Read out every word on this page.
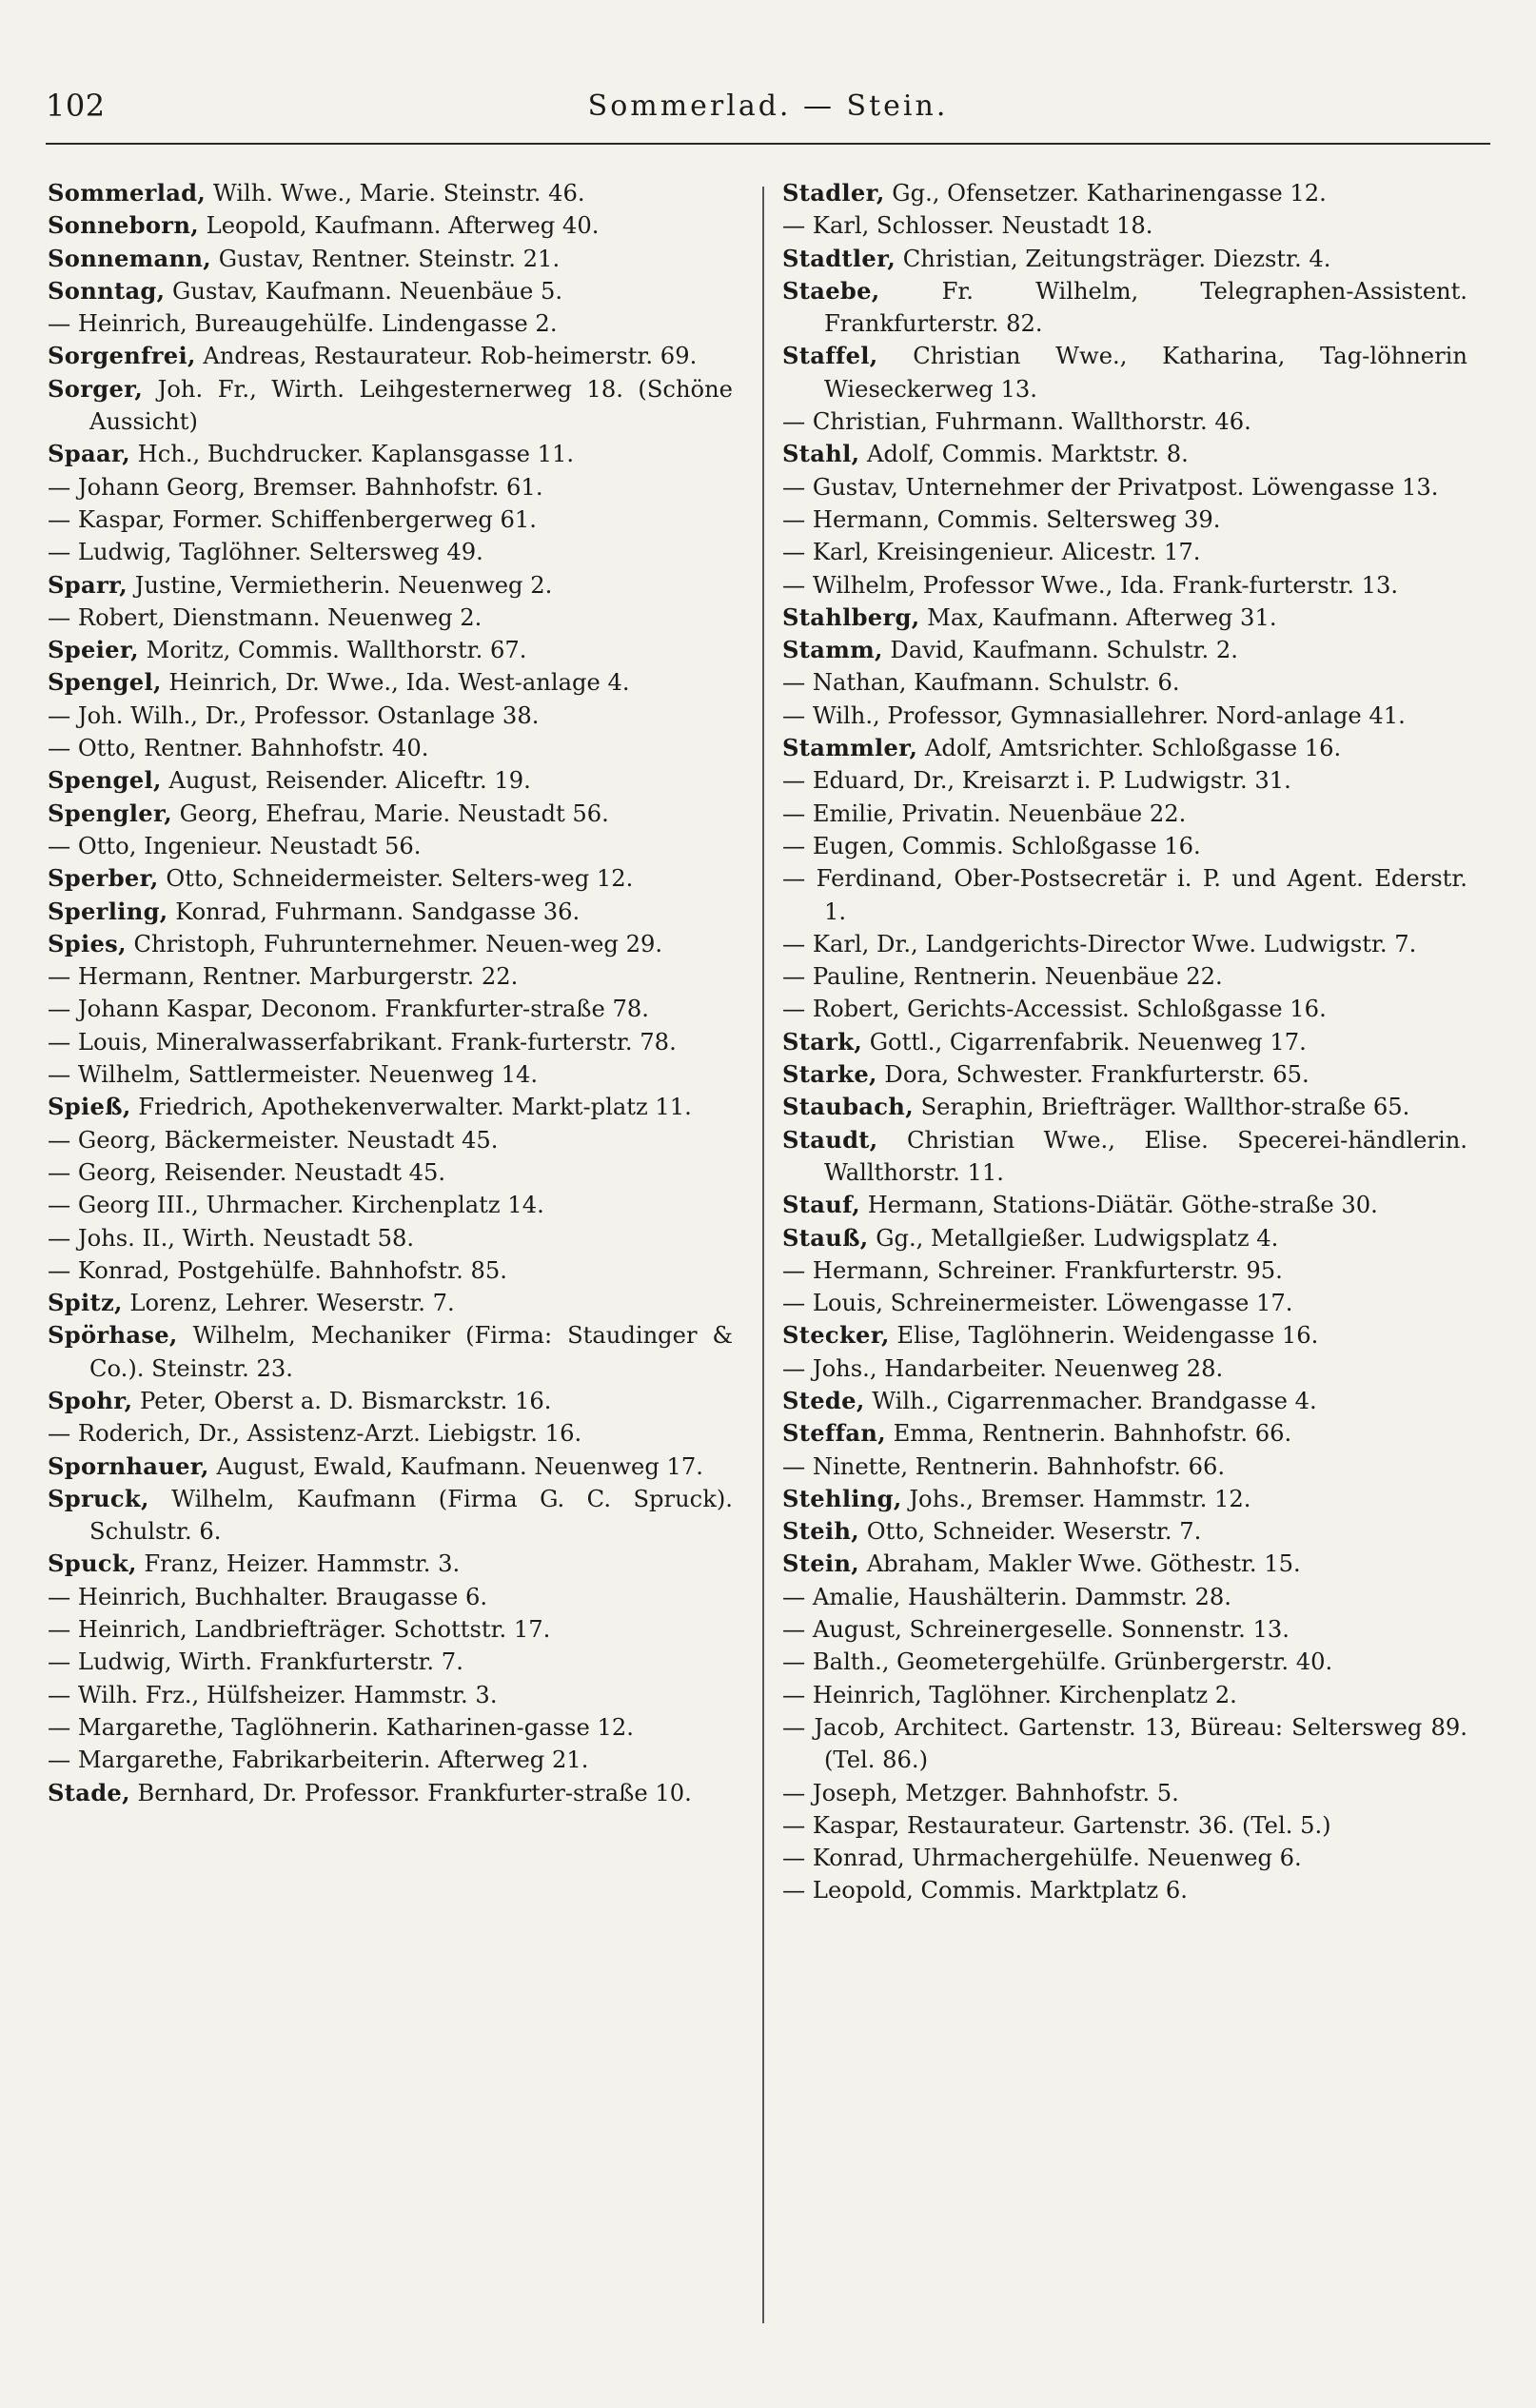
102	Sommerlad. — Stein.

Sommerlad, Wilh. Wwe., Marie. Steinstr. 46.

Sonneborn, Leopold, Kaufmann. Afterweg 40.

Sonnemann, Gustav, Rentner. Steinstr. 21.

Sonntag, Gustav, Kaufmann. Neuenbäue 5.

— Heinrich, Bureaugehülfe. Lindengasse 2.

Sorgenfrei, Andreas, Restaurateur. Rob-heimerstr. 69.

Sorger, Joh. Fr., Wirth. Leihgesternerweg 18. (Schöne Aussicht)

Spaar, Hch., Buchdrucker. Kaplansgasse 11.

— Johann Georg, Bremser. Bahnhofstr. 61.

— Kaspar, Former. Schiffenbergerweg 61.

— Ludwig, Taglöhner. Seltersweg 49.

Sparr, Justine, Vermietherin. Neuenweg 2.

— Robert, Dienstmann. Neuenweg 2.

Speier, Moritz, Commis. Wallthorstr. 67.

Spengel, Heinrich, Dr. Wwe., Ida. West-anlage 4.

— Joh. Wilh., Dr., Professor. Ostanlage 38.

— Otto, Rentner. Bahnhofstr. 40.

Spengel, August, Reisender. Aliceftr. 19.

Spengler, Georg, Ehefrau, Marie. Neustadt 56.

— Otto, Ingenieur. Neustadt 56.

Sperber, Otto, Schneidermeister. Selters-weg 12.

Sperling, Konrad, Fuhrmann. Sandgasse 36.

Spies, Christoph, Fuhrunternehmer. Neuen-weg 29.

— Hermann, Rentner. Marburgerstr. 22.

— Johann Kaspar, Deconom. Frankfurter-straße 78.

— Louis, Mineralwasserfabrikant. Frank-furterstr. 78.

— Wilhelm, Sattlermeister. Neuenweg 14.

Spieß, Friedrich, Apothekenverwalter. Markt-platz 11.

— Georg, Bäckermeister. Neustadt 45.

— Georg, Reisender. Neustadt 45.

— Georg III., Uhrmacher. Kirchenplatz 14.

— Johs. II., Wirth. Neustadt 58.

— Konrad, Postgehülfe. Bahnhofstr. 85.

Spitz, Lorenz, Lehrer. Weserstr. 7.

Spörhase, Wilhelm, Mechaniker (Firma: Staudinger & Co.). Steinstr. 23.

Spohr, Peter, Oberst a. D. Bismarckstr. 16.

— Roderich, Dr., Assistenz-Arzt. Liebigstr. 16.

Spornhauer, August, Ewald, Kaufmann. Neuenweg 17.

Spruck, Wilhelm, Kaufmann (Firma G. C. Spruck). Schulstr. 6.

Spuck, Franz, Heizer. Hammstr. 3.

— Heinrich, Buchhalter. Braugasse 6.

— Heinrich, Landbriefträger. Schottstr. 17.

— Ludwig, Wirth. Frankfurterstr. 7.

— Wilh. Frz., Hülfsheizer. Hammstr. 3.

— Margarethe, Taglöhnerin. Katharinen-gasse 12.

— Margarethe, Fabrikarbeiterin. Afterweg 21.

Stade, Bernhard, Dr. Professor. Frankfurter-straße 10.

Stadler, Gg., Ofensetzer. Katharinengasse 12.

— Karl, Schlosser. Neustadt 18.

Stadtler, Christian, Zeitungsträger. Diezstr. 4.

Staebe, Fr. Wilhelm, Telegraphen-Assistent. Frankfurterstr. 82.

Staffel, Christian Wwe., Katharina, Tag-löhnerin Wieseckerweg 13.

— Christian, Fuhrmann. Wallthorstr. 46.

Stahl, Adolf, Commis. Marktstr. 8.

— Gustav, Unternehmer der Privatpost. Löwengasse 13.

— Hermann, Commis. Seltersweg 39.

— Karl, Kreisingenieur. Alicestr. 17.

— Wilhelm, Professor Wwe., Ida. Frank-furterstr. 13.

Stahlberg, Max, Kaufmann. Afterweg 31.

Stamm, David, Kaufmann. Schulstr. 2.

— Nathan, Kaufmann. Schulstr. 6.

— Wilh., Professor, Gymnasiallehrer. Nord-anlage 41.

Stammler, Adolf, Amtsrichter. Schloßgasse 16.

— Eduard, Dr., Kreisarzt i. P. Ludwigstr. 31.

— Emilie, Privatin. Neuenbäue 22.

— Eugen, Commis. Schloßgasse 16.

— Ferdinand, Ober-Postsecretär i. P. und Agent. Ederstr. 1.

— Karl, Dr., Landgerichts-Director Wwe. Ludwigstr. 7.

— Pauline, Rentnerin. Neuenbäue 22.

— Robert, Gerichts-Accessist. Schloßgasse 16.

Stark, Gottl., Cigarrenfabrik. Neuenweg 17.

Starke, Dora, Schwester. Frankfurterstr. 65.

Staubach, Seraphin, Briefträger. Wallthor-straße 65.

Staudt, Christian Wwe., Elise. Specerei-händlerin. Wallthorstr. 11.

Stauf, Hermann, Stations-Diätär. Göthe-straße 30.

Stauß, Gg., Metallgießer. Ludwigsplatz 4.

— Hermann, Schreiner. Frankfurterstr. 95.

— Louis, Schreinermeister. Löwengasse 17.

Stecker, Elise, Taglöhnerin. Weidengasse 16.

— Johs., Handarbeiter. Neuenweg 28.

Stede, Wilh., Cigarrenmacher. Brandgasse 4.

Steffan, Emma, Rentnerin. Bahnhofstr. 66.

— Ninette, Rentnerin. Bahnhofstr. 66.

Stehling, Johs., Bremser. Hammstr. 12.

Steih, Otto, Schneider. Weserstr. 7.

Stein, Abraham, Makler Wwe. Göthestr. 15.

— Amalie, Haushälterin. Dammstr. 28.

— August, Schreinergeselle. Sonnenstr. 13.

— Balth., Geometergehülfe. Grünbergerstr. 40.

— Heinrich, Taglöhner. Kirchenplatz 2.

— Jacob, Architect. Gartenstr. 13, Büreau: Seltersweg 89. (Tel. 86.)

— Joseph, Metzger. Bahnhofstr. 5.

— Kaspar, Restaurateur. Gartenstr. 36. (Tel. 5.)

— Konrad, Uhrmachergehülfe. Neuenweg 6.

— Leopold, Commis. Marktplatz 6.
